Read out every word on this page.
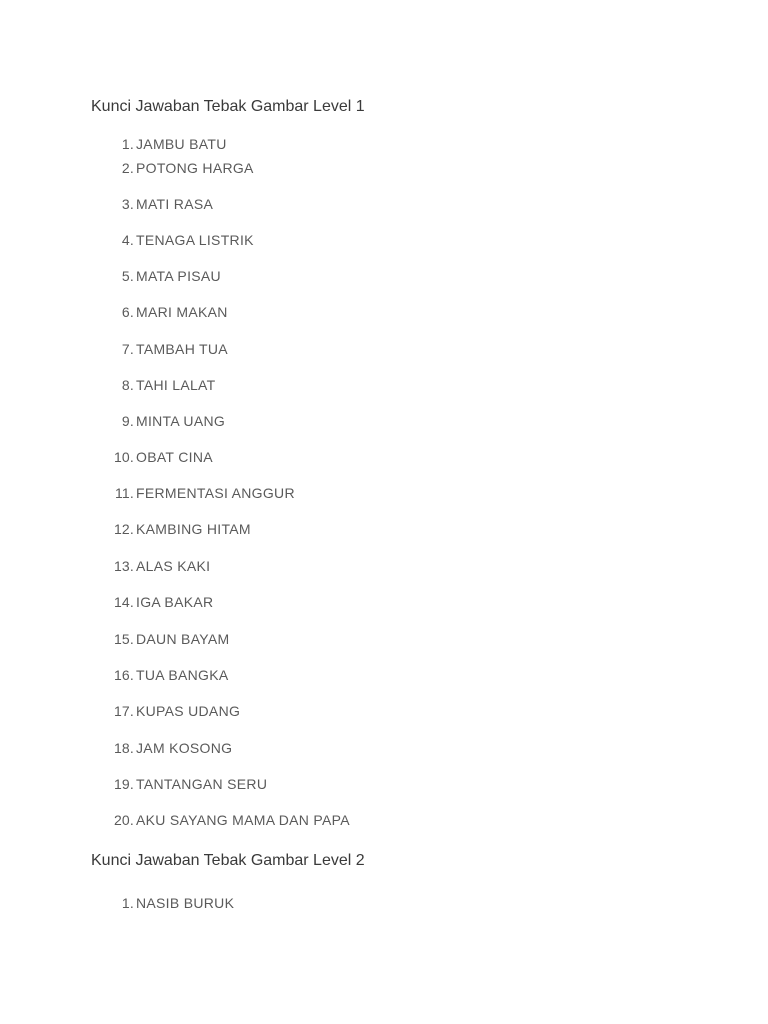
Kunci Jawaban Tebak Gambar Level 1
1. JAMBU BATU
2. POTONG HARGA
3. MATI RASA
4. TENAGA LISTRIK
5. MATA PISAU
6. MARI MAKAN
7. TAMBAH TUA
8. TAHI LALAT
9. MINTA UANG
10. OBAT CINA
11. FERMENTASI ANGGUR
12. KAMBING HITAM
13. ALAS KAKI
14. IGA BAKAR
15. DAUN BAYAM
16. TUA BANGKA
17. KUPAS UDANG
18. JAM KOSONG
19. TANTANGAN SERU
20. AKU SAYANG MAMA DAN PAPA
Kunci Jawaban Tebak Gambar Level 2
1. NASIB BURUK
